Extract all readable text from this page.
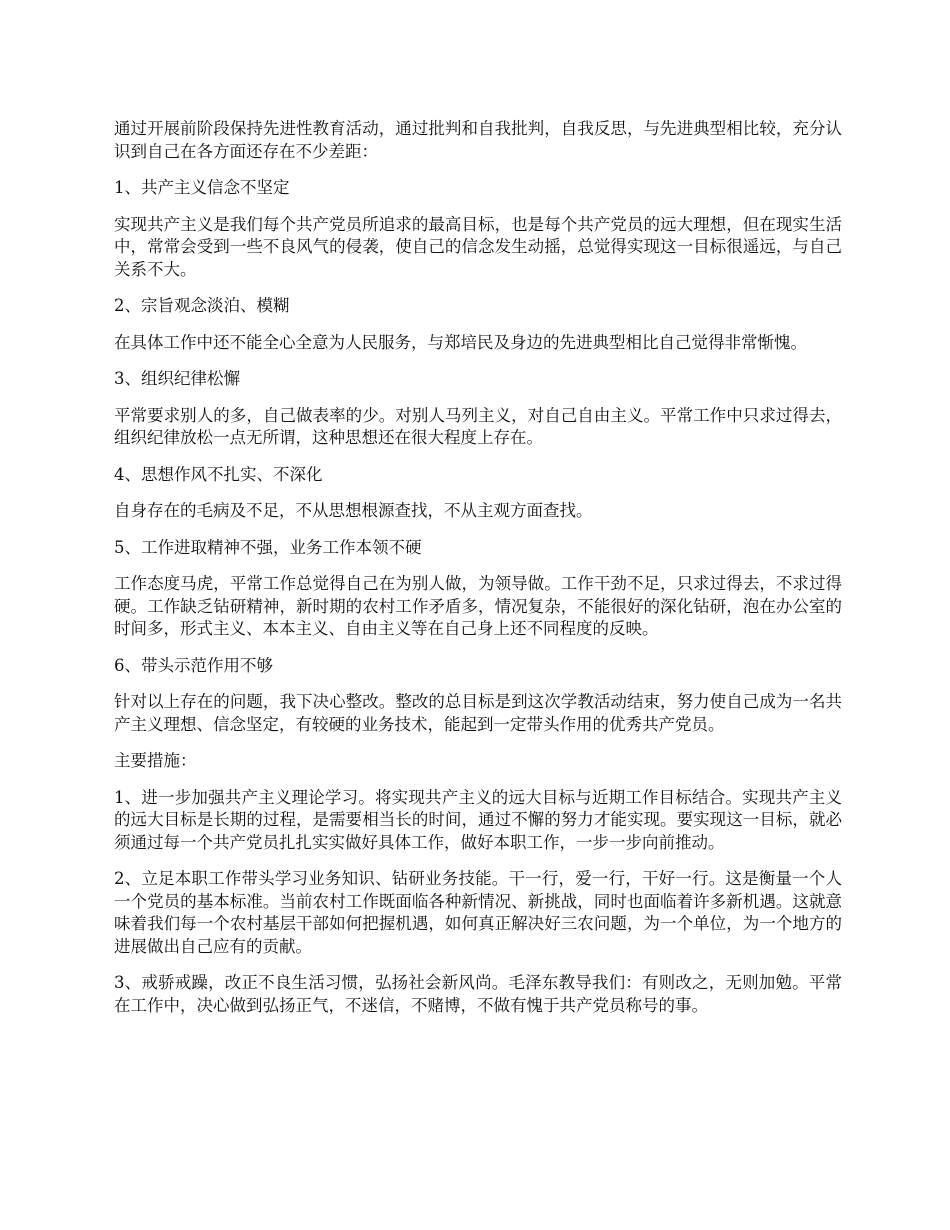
通过开展前阶段保持先进性教育活动，通过批判和自我批判，自我反思，与先进典型相比较，充分认识到自己在各方面还存在不少差距：

1、共产主义信念不坚定

实现共产主义是我们每个共产党员所追求的最高目标，也是每个共产党员的远大理想，但在现实生活中，常常会受到一些不良风气的侵袭，使自己的信念发生动摇，总觉得实现这一目标很遥远，与自己关系不大。

2、宗旨观念淡泊、模糊

在具体工作中还不能全心全意为人民服务，与郑培民及身边的先进典型相比自己觉得非常惭愧。

3、组织纪律松懈

平常要求别人的多，自己做表率的少。对别人马列主义，对自己自由主义。平常工作中只求过得去，组织纪律放松一点无所谓，这种思想还在很大程度上存在。

4、思想作风不扎实、不深化

自身存在的毛病及不足，不从思想根源查找，不从主观方面查找。

5、工作进取精神不强，业务工作本领不硬

工作态度马虎，平常工作总觉得自己在为别人做，为领导做。工作干劲不足，只求过得去，不求过得硬。工作缺乏钻研精神，新时期的农村工作矛盾多，情况复杂，不能很好的深化钻研，泡在办公室的时间多，形式主义、本本主义、自由主义等在自己身上还不同程度的反映。

6、带头示范作用不够

针对以上存在的问题，我下决心整改。整改的总目标是到这次学教活动结束，努力使自己成为一名共产主义理想、信念坚定，有较硬的业务技术，能起到一定带头作用的优秀共产党员。

主要措施：

1、进一步加强共产主义理论学习。将实现共产主义的远大目标与近期工作目标结合。实现共产主义的远大目标是长期的过程，是需要相当长的时间，通过不懈的努力才能实现。要实现这一目标，就必须通过每一个共产党员扎扎实实做好具体工作，做好本职工作，一步一步向前推动。

2、立足本职工作带头学习业务知识、钻研业务技能。干一行，爱一行，干好一行。这是衡量一个人一个党员的基本标准。当前农村工作既面临各种新情况、新挑战，同时也面临着许多新机遇。这就意味着我们每一个农村基层干部如何把握机遇，如何真正解决好三农问题，为一个单位，为一个地方的进展做出自己应有的贡献。

3、戒骄戒躁，改正不良生活习惯，弘扬社会新风尚。毛泽东教导我们：有则改之，无则加勉。平常在工作中，决心做到弘扬正气，不迷信，不赌博，不做有愧于共产党员称号的事。
